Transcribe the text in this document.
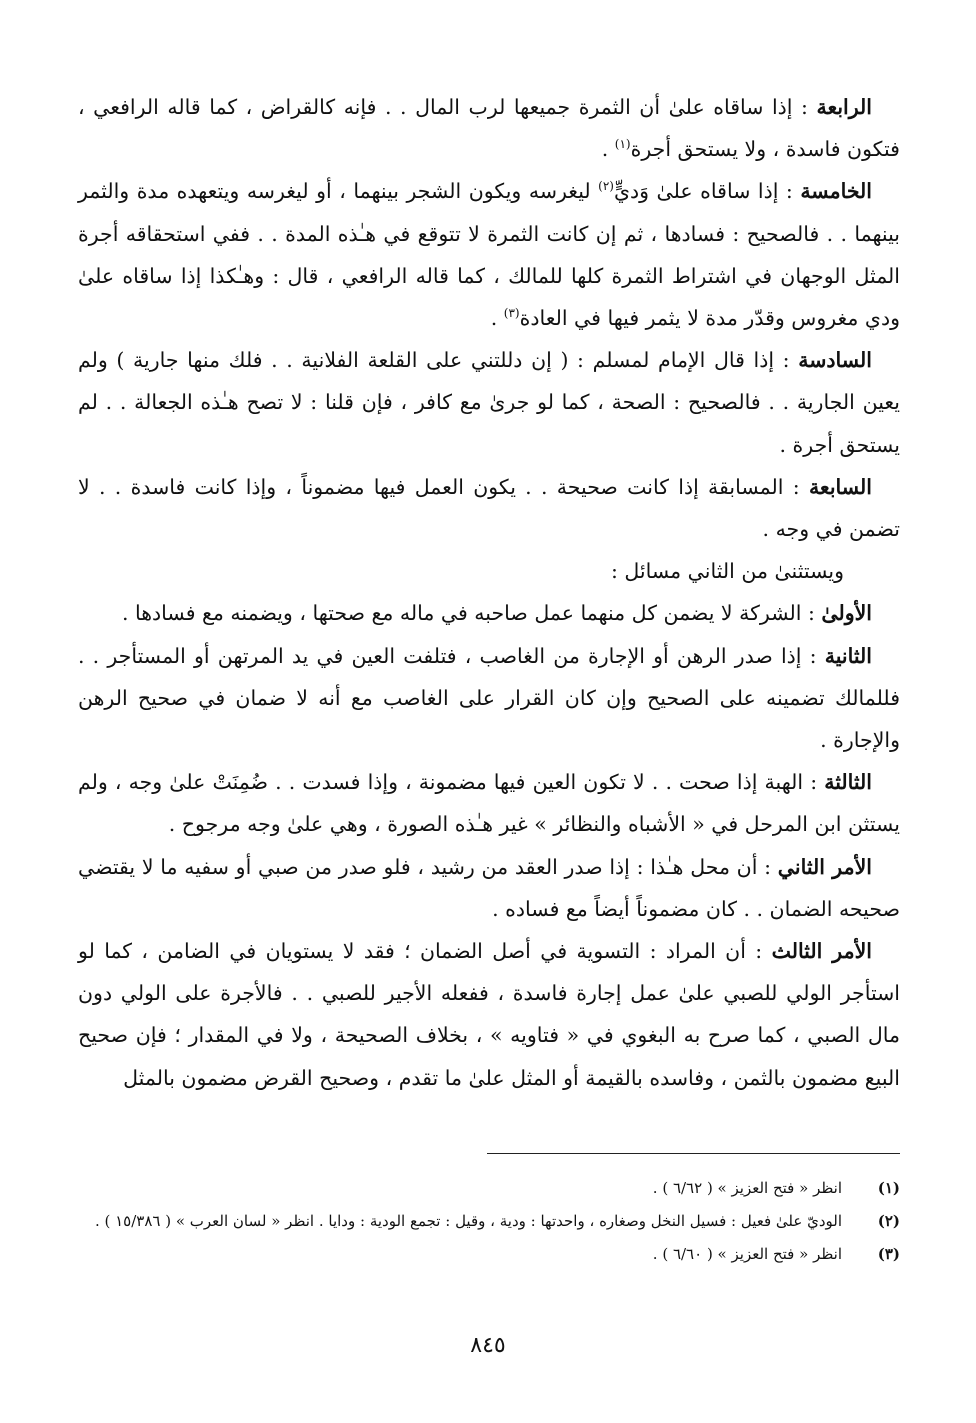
الرابعة : إذا ساقاه علىٰ أن الثمرة جميعها لرب المال . . فإنه كالقراض ، كما قاله الرافعي ، فتكون فاسدة ، ولا يستحق أجرة$^{(١)}$ .

الخامسة : إذا ساقاه علىٰ وَديٍّ$^{(٢)}$ ليغرسه ويكون الشجر بينهما ، أو ليغرسه ويتعهده مدة والثمر بينهما . . فالصحيح : فسادها ، ثم إن كانت الثمرة لا تتوقع في هـٰذه المدة . . ففي استحقاقه أجرة المثل الوجهان في اشتراط الثمرة كلها للمالك ، كما قاله الرافعي ، قال : وهـٰكذا إذا ساقاه علىٰ ودي مغروس وقدّر مدة لا يثمر فيها في العادة$^{(٣)}$ .

السادسة : إذا قال الإمام لمسلم : ( إن دللتني على القلعة الفلانية . . فلك منها جارية ) ولم يعين الجارية . . فالصحيح : الصحة ، كما لو جرىٰ مع كافر ، فإن قلنا : لا تصح هـٰذه الجعالة . . لم يستحق أجرة .

السابعة : المسابقة إذا كانت صحيحة . . يكون العمل فيها مضموناً ، وإذا كانت فاسدة . . لا تضمن في وجه .

ويستثنىٰ من الثاني مسائل :

الأولىٰ : الشركة لا يضمن كل منهما عمل صاحبه في ماله مع صحتها ، ويضمنه مع فسادها .

الثانية : إذا صدر الرهن أو الإجارة من الغاصب ، فتلفت العين في يد المرتهن أو المستأجر . . فللمالك تضمينه على الصحيح وإن كان القرار على الغاصب مع أنه لا ضمان في صحيح الرهن والإجارة .

الثالثة : الهبة إذا صحت . . لا تكون العين فيها مضمونة ، وإذا فسدت . . ضُمِنَتْ علىٰ وجه ، ولم يستثن ابن المرحل في « الأشباه والنظائر » غير هـٰذه الصورة ، وهي علىٰ وجه مرجوح .

الأمر الثاني : أن محل هـٰذا : إذا صدر العقد من رشيد ، فلو صدر من صبي أو سفيه ما لا يقتضي صحيحه الضمان . . كان مضموناً أيضاً مع فساده .

الأمر الثالث : أن المراد : التسوية في أصل الضمان ؛ فقد لا يستويان في الضامن ، كما لو استأجر الولي للصبي علىٰ عمل إجارة فاسدة ، ففعله الأجير للصبي . . فالأجرة على الولي دون مال الصبي ، كما صرح به البغوي في « فتاويه » ، بخلاف الصحيحة ، ولا في المقدار ؛ فإن صحيح البيع مضمون بالثمن ، وفاسده بالقيمة أو المثل علىٰ ما تقدم ، وصحيح القرض مضمون بالمثل

(١)
انظر « فتح العزيز » ( ٦/٦٢ ) .
(٢)
الوديّ علىٰ فعيل : فسيل النخل وصغاره ، واحدتها : ودية ، وقيل : تجمع الودية : ودايا . انظر « لسان العرب » ( ١٥/٣٨٦ ) .
(٣)
انظر « فتح العزيز » ( ٦/٦٠ ) .
٨٤٥
